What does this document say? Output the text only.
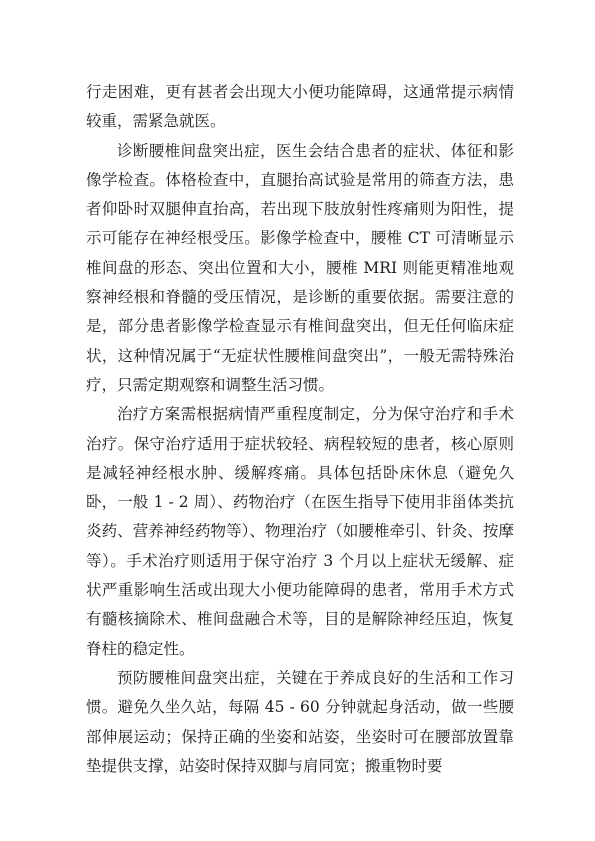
行走困难，更有甚者会出现大小便功能障碍，这通常提示病情较重，需紧急就医。

诊断腰椎间盘突出症，医生会结合患者的症状、体征和影像学检查。体格检查中，直腿抬高试验是常用的筛查方法，患者仰卧时双腿伸直抬高，若出现下肢放射性疼痛则为阳性，提示可能存在神经根受压。影像学检查中，腰椎 CT 可清晰显示椎间盘的形态、突出位置和大小，腰椎 MRI 则能更精准地观察神经根和脊髓的受压情况，是诊断的重要依据。需要注意的是，部分患者影像学检查显示有椎间盘突出，但无任何临床症状，这种情况属于“无症状性腰椎间盘突出”，一般无需特殊治疗，只需定期观察和调整生活习惯。

治疗方案需根据病情严重程度制定，分为保守治疗和手术治疗。保守治疗适用于症状较轻、病程较短的患者，核心原则是减轻神经根水肿、缓解疼痛。具体包括卧床休息（避免久卧，一般 1 - 2 周）、药物治疗（在医生指导下使用非甾体类抗炎药、营养神经药物等）、物理治疗（如腰椎牵引、针灸、按摩等）。手术治疗则适用于保守治疗 3 个月以上症状无缓解、症状严重影响生活或出现大小便功能障碍的患者，常用手术方式有髓核摘除术、椎间盘融合术等，目的是解除神经压迫，恢复脊柱的稳定性。

预防腰椎间盘突出症，关键在于养成良好的生活和工作习惯。避免久坐久站，每隔 45 - 60 分钟就起身活动，做一些腰部伸展运动；保持正确的坐姿和站姿，坐姿时可在腰部放置靠垫提供支撑，站姿时保持双脚与肩同宽；搬重物时要
